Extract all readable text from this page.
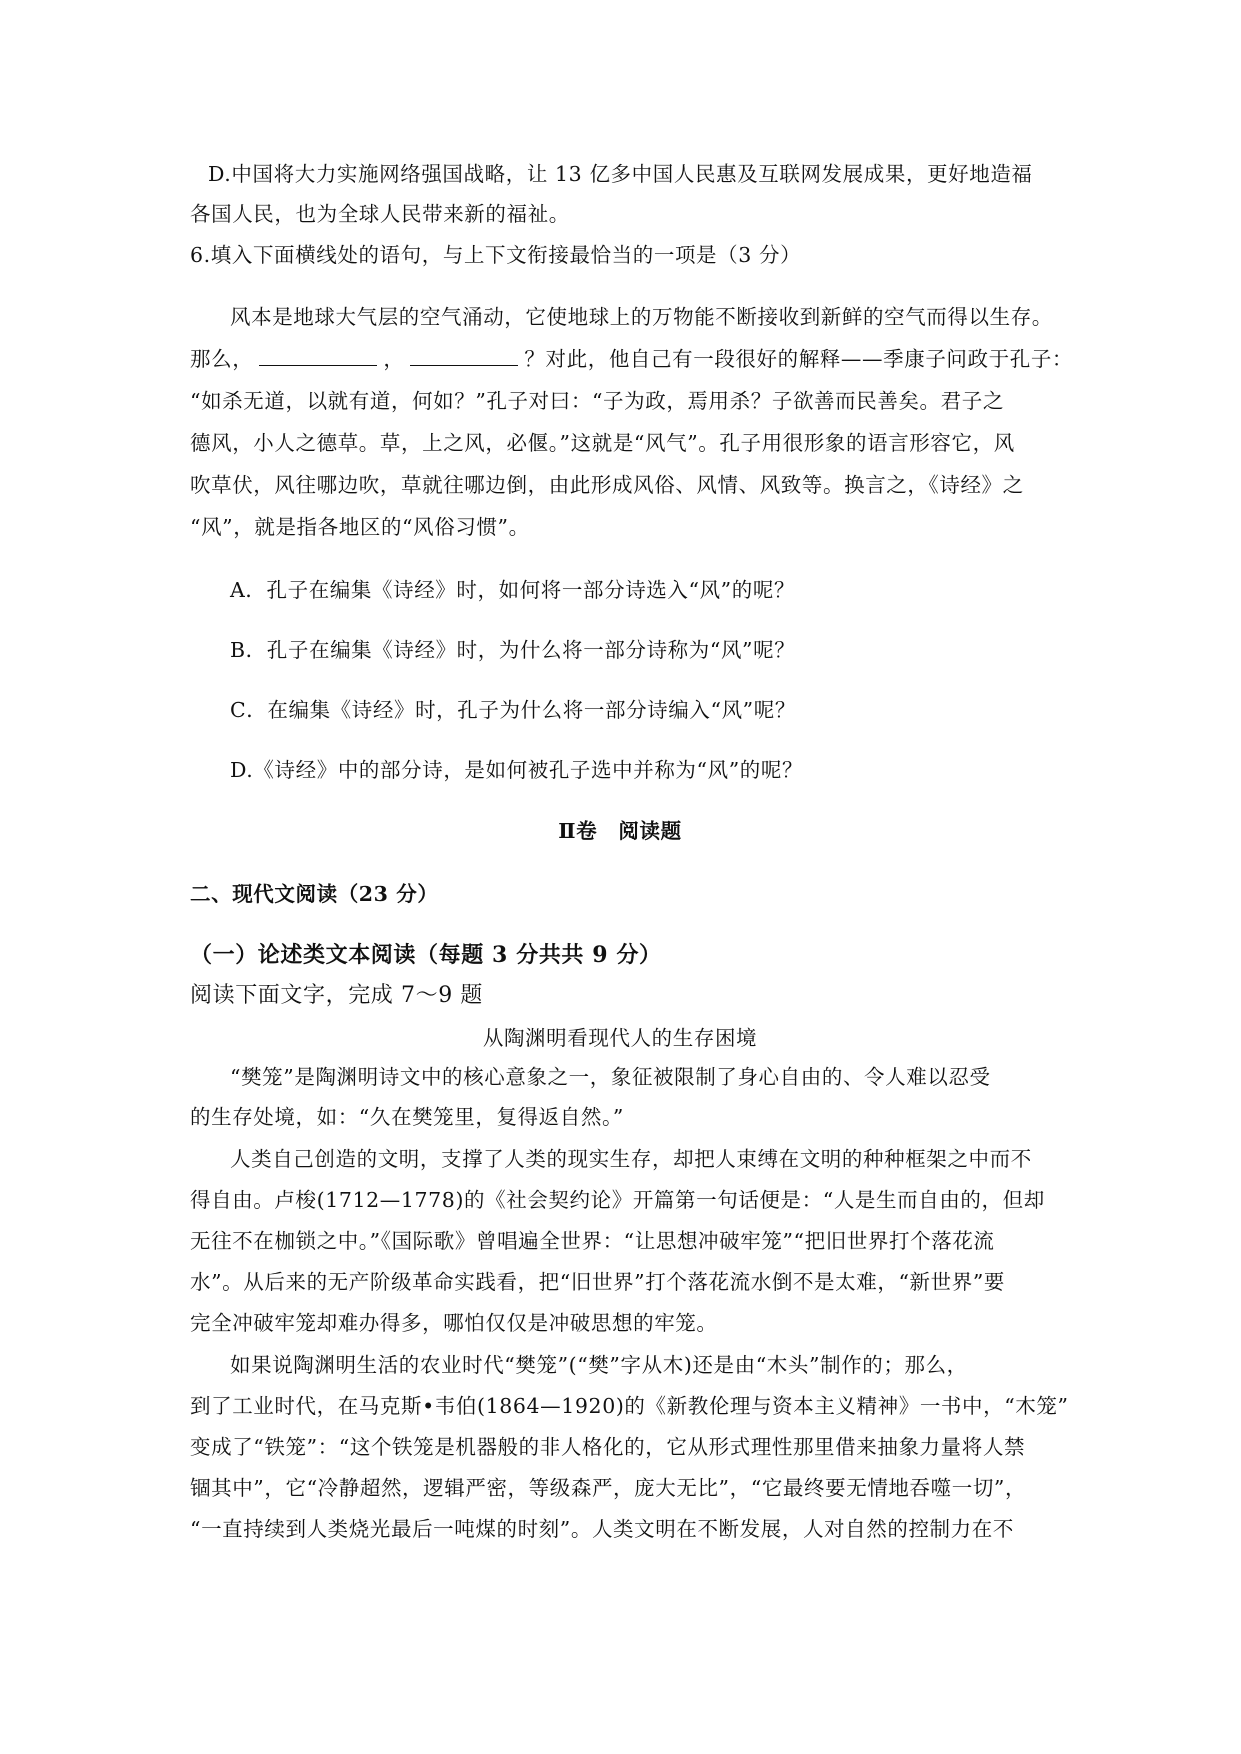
D.中国将大力实施网络强国战略，让 13 亿多中国人民惠及互联网发展成果，更好地造福
各国人民，也为全球人民带来新的福祉。
6.填入下面横线处的语句，与上下文衔接最恰当的一项是（3 分）
风本是地球大气层的空气涌动，它使地球上的万物能不断接收到新鲜的空气而得以生存。
那么，	，	？对此，他自己有一段很好的解释——季康子问政于孔子：
“如杀无道，以就有道，何如？”孔子对曰：“子为政，焉用杀？子欲善而民善矣。君子之
德风，小人之德草。草，上之风，必偃。”这就是“风气”。孔子用很形象的语言形容它，风
吹草伏，风往哪边吹，草就往哪边倒，由此形成风俗、风情、风致等。换言之，《诗经》之
“风”，就是指各地区的“风俗习惯”。
A．孔子在编集《诗经》时，如何将一部分诗选入“风”的呢？
B．孔子在编集《诗经》时，为什么将一部分诗称为“风”呢？
C．在编集《诗经》时，孔子为什么将一部分诗编入“风”呢？
D.《诗经》中的部分诗，是如何被孔子选中并称为“风”的呢？
Ⅱ卷　阅读题
二、现代文阅读（23 分）
（一）论述类文本阅读（每题 3 分共共 9 分）
阅读下面文字，完成 7～9 题
从陶渊明看现代人的生存困境
“樊笼”是陶渊明诗文中的核心意象之一，象征被限制了身心自由的、令人难以忍受
的生存处境，如：“久在樊笼里，复得返自然。”
人类自己创造的文明，支撑了人类的现实生存，却把人束缚在文明的种种框架之中而不
得自由。卢梭(1712—1778)的《社会契约论》开篇第一句话便是：“人是生而自由的，但却
无往不在枷锁之中。”《国际歌》曾唱遍全世界：“让思想冲破牢笼”“把旧世界打个落花流
水”。从后来的无产阶级革命实践看，把“旧世界”打个落花流水倒不是太难，“新世界”要
完全冲破牢笼却难办得多，哪怕仅仅是冲破思想的牢笼。
如果说陶渊明生活的农业时代“樊笼”(“樊”字从木)还是由“木头”制作的；那么，
到了工业时代，在马克斯•韦伯(1864—1920)的《新教伦理与资本主义精神》一书中，“木笼”
变成了“铁笼”：“这个铁笼是机器般的非人格化的，它从形式理性那里借来抽象力量将人禁
锢其中”，它“冷静超然，逻辑严密，等级森严，庞大无比”，“它最终要无情地吞噬一切”，
“一直持续到人类烧光最后一吨煤的时刻”。人类文明在不断发展，人对自然的控制力在不
